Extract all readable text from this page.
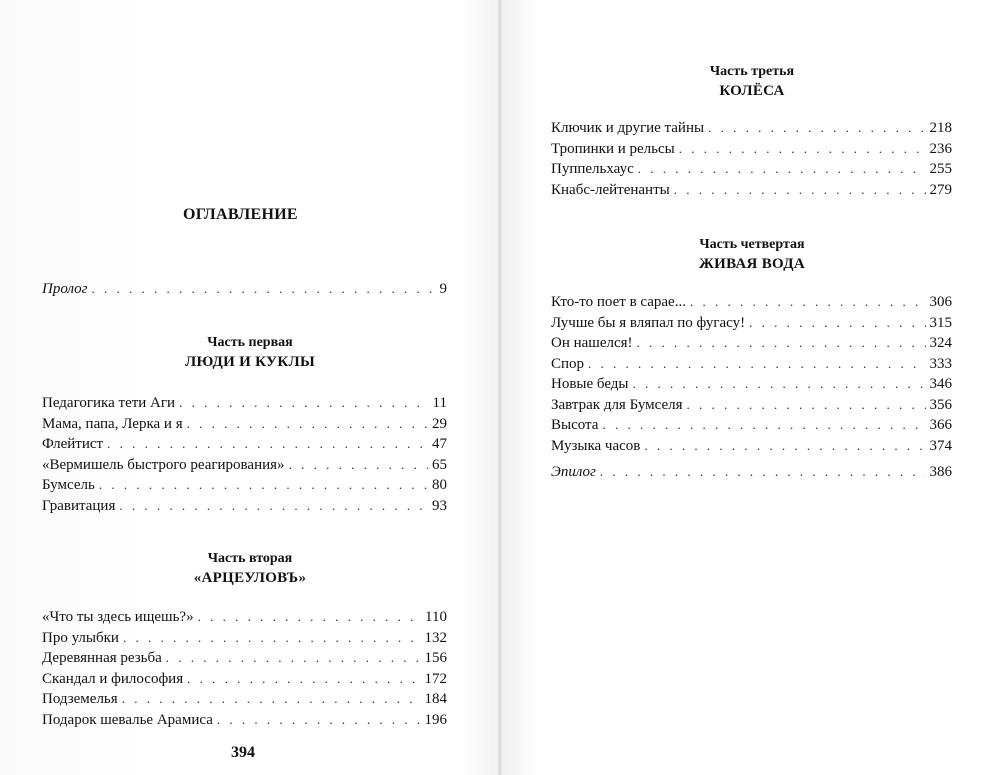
ОГЛАВЛЕНИЕ
Пролог . . .	9
Часть первая
ЛЮДИ И КУКЛЫ
Педагогика тети Аги . . .	11
Мама, папа, Лерка и я . . .	29
Флейтист . . .	47
«Вермишель быстрого реагирования» . . .	65
Бумсель . . .	80
Гравитация . . .	93
Часть вторая
«АРЦЕУЛОВЪ»
«Что ты здесь ищешь?» . . .	110
Про улыбки . . .	132
Деревянная резьба . . .	156
Скандал и философия . . .	172
Подземелья . . .	184
Подарок шевалье Арамиса . . .	196
394
Часть третья
КОЛЁСА
Ключик и другие тайны . . .	218
Тропинки и рельсы . . .	236
Пуппельхаус . . .	255
Кнабс-лейтенанты . . .	279
Часть четвертая
ЖИВАЯ ВОДА
Кто-то поет в сарае... . . .	306
Лучше бы я вляпал по фугасу! . . .	315
Он нашелся! . . .	324
Спор . . .	333
Новые беды . . .	346
Завтрак для Бумселя . . .	356
Высота . . .	366
Музыка часов . . .	374
Эпилог . . .	386
